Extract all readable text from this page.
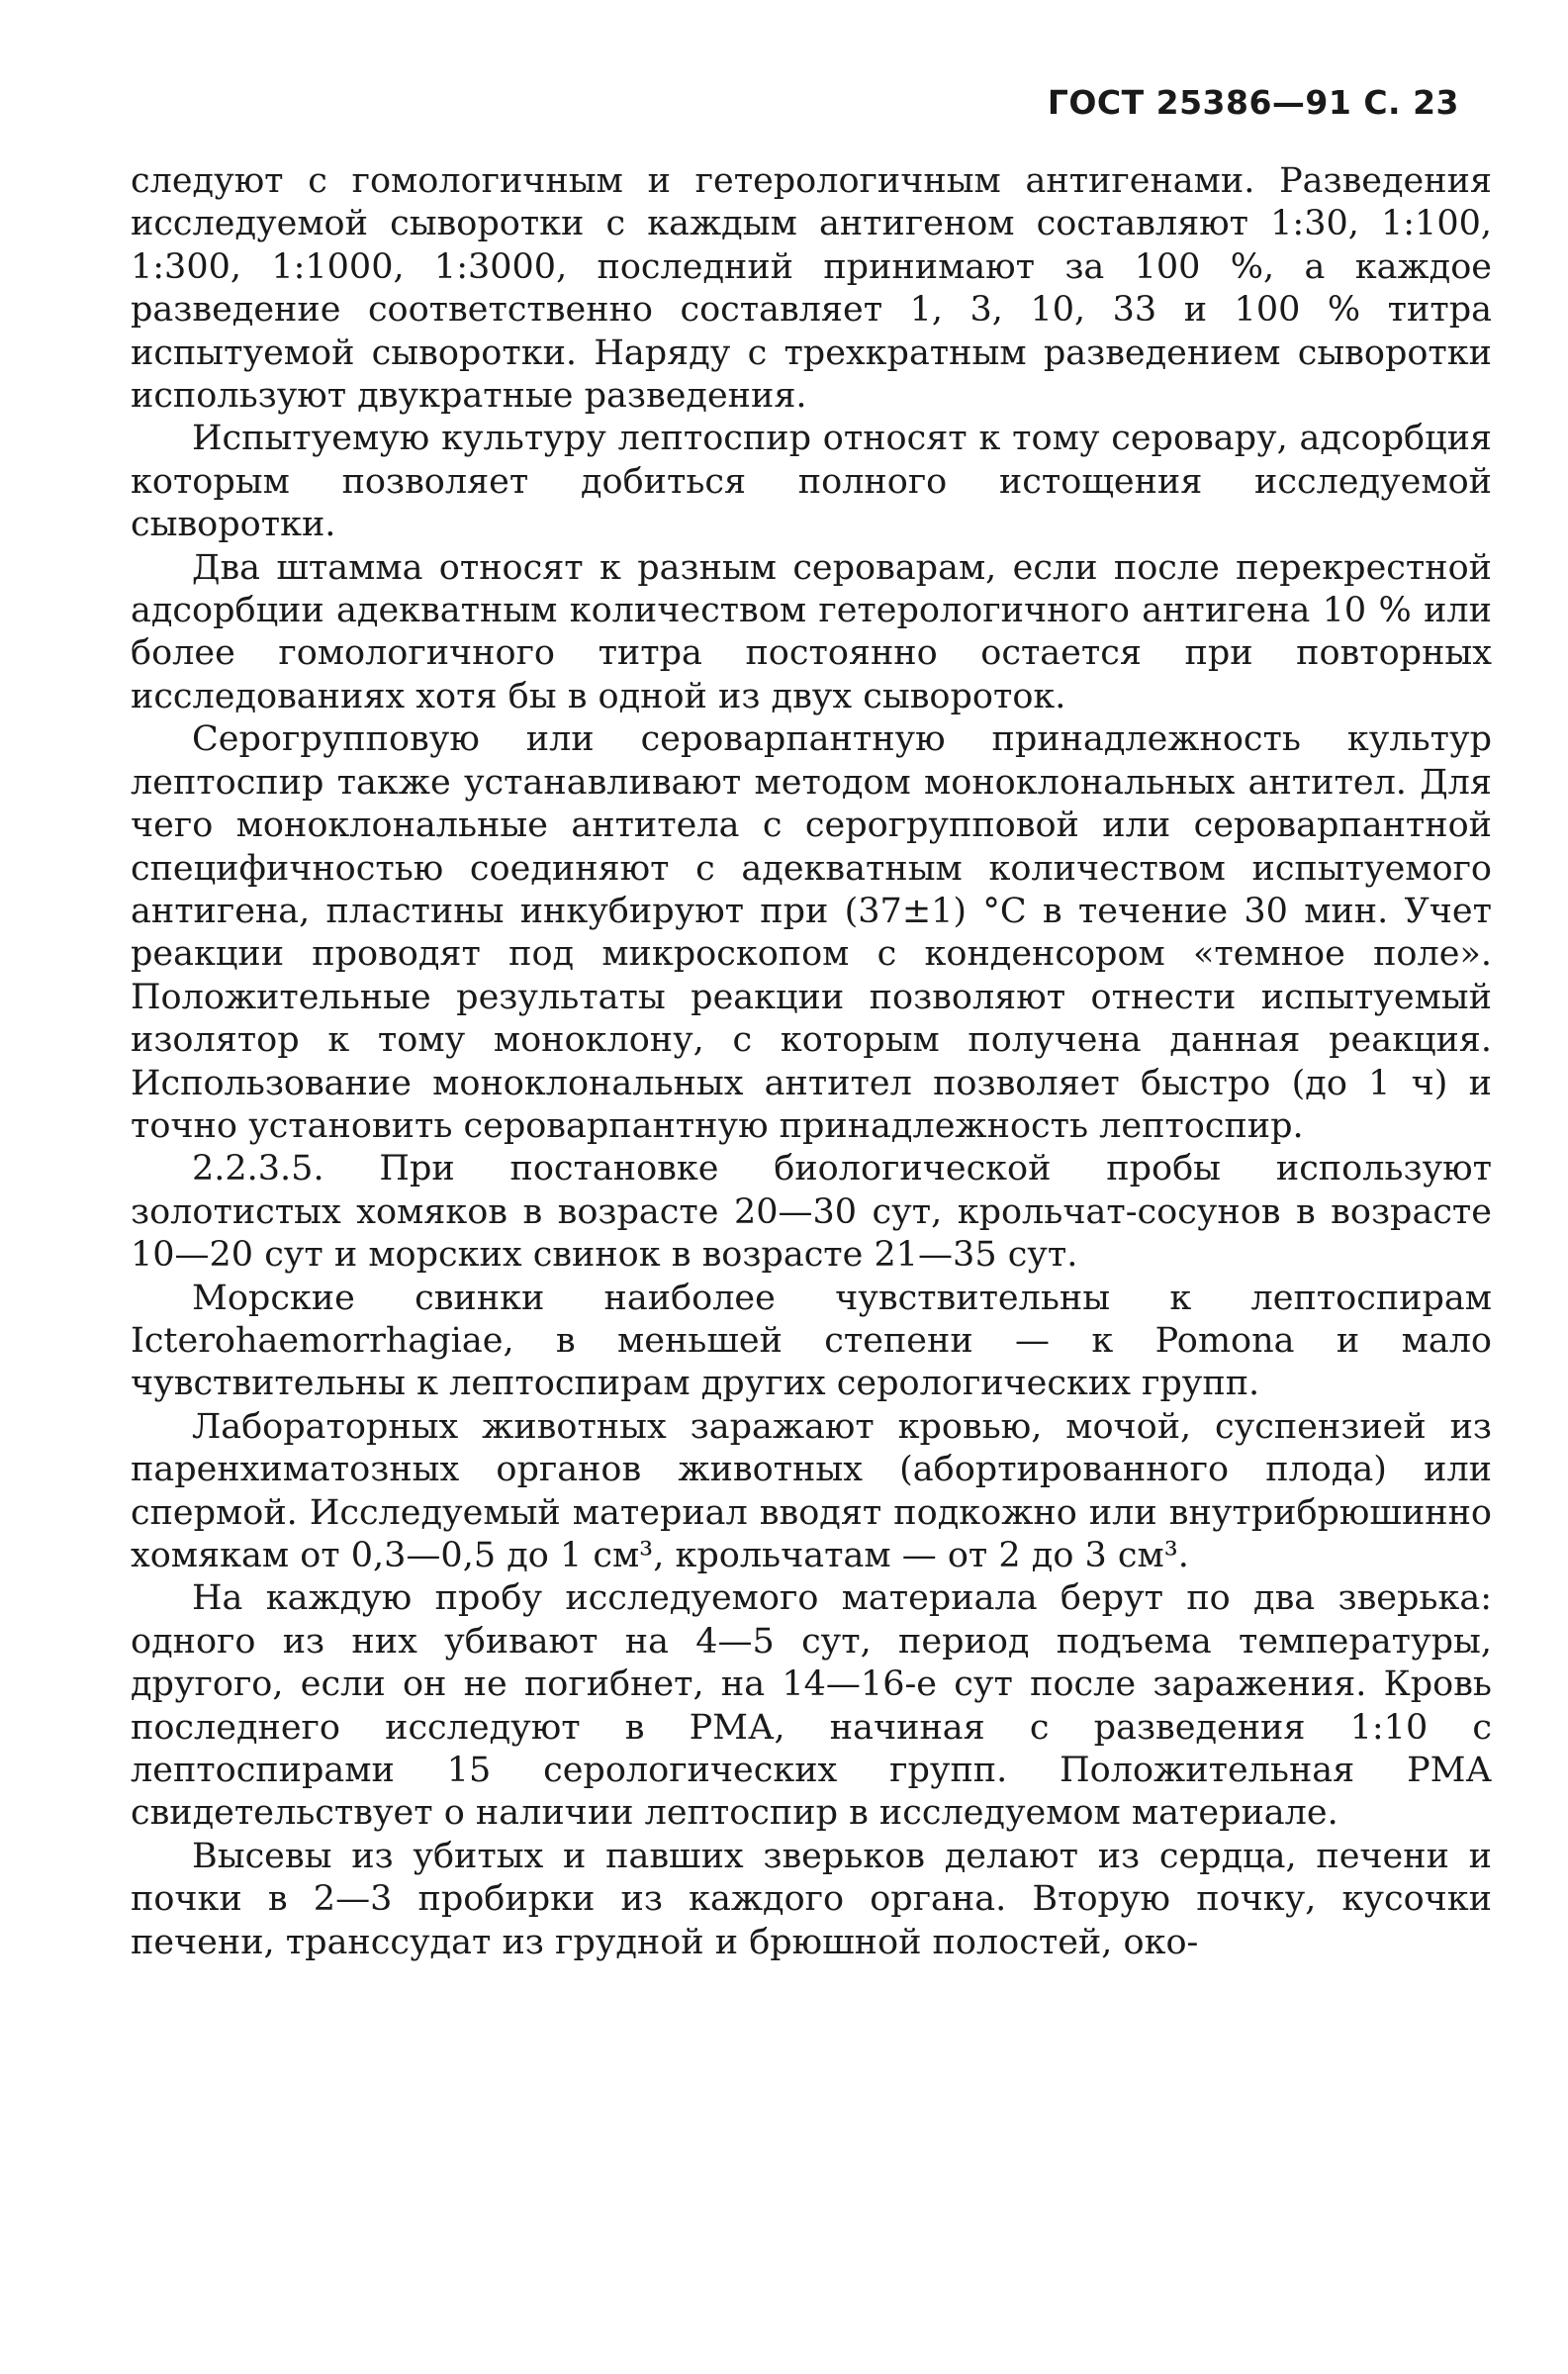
ГОСТ 25386—91 С. 23

следуют с гомологичным и гетерологичным антигенами. Разведения исследуемой сыворотки с каждым антигеном составляют 1:30, 1:100, 1:300, 1:1000, 1:3000, последний принимают за 100 %, а каждое разведение соответственно составляет 1, 3, 10, 33 и 100 % титра испытуемой сыворотки. Наряду с трехкратным разведением сыворотки используют двукратные разведения.

Испытуемую культуру лептоспир относят к тому серовару, адсорбция которым позволяет добиться полного истощения исследуемой сыворотки.

Два штамма относят к разным сероварам, если после перекрестной адсорбции адекватным количеством гетерологичного антигена 10 % или более гомологичного титра постоянно остается при повторных исследованиях хотя бы в одной из двух сывороток.

Серогрупповую или сероварпантную принадлежность культур лептоспир также устанавливают методом моноклональных антител. Для чего моноклональные антитела с серогрупповой или сероварпантной специфичностью соединяют с адекватным количеством испытуемого антигена, пластины инкубируют при (37±1) °С в течение 30 мин. Учет реакции проводят под микроскопом с конденсором «темное поле». Положительные результаты реакции позволяют отнести испытуемый изолятор к тому моноклону, с которым получена данная реакция. Использование моноклональных антител позволяет быстро (до 1 ч) и точно установить сероварпантную принадлежность лептоспир.

2.2.3.5. При постановке биологической пробы используют золотистых хомяков в возрасте 20—30 сут, крольчат-сосунов в возрасте 10—20 сут и морских свинок в возрасте 21—35 сут.

Морские свинки наиболее чувствительны к лептоспирам Icterohaemorrhagiae, в меньшей степени — к Pomona и мало чувствительны к лептоспирам других серологических групп.

Лабораторных животных заражают кровью, мочой, суспензией из паренхиматозных органов животных (абортированного плода) или спермой. Исследуемый материал вводят подкожно или внутрибрюшинно хомякам от 0,3—0,5 до 1 см³, крольчатам — от 2 до 3 см³.

На каждую пробу исследуемого материала берут по два зверька: одного из них убивают на 4—5 сут, период подъема температуры, другого, если он не погибнет, на 14—16-е сут после заражения. Кровь последнего исследуют в РМА, начиная с разведения 1:10 с лептоспирами 15 серологических групп. Положительная РМА свидетельствует о наличии лептоспир в исследуемом материале.

Высевы из убитых и павших зверьков делают из сердца, печени и почки в 2—3 пробирки из каждого органа. Вторую почку, кусочки печени, транссудат из грудной и брюшной полостей, око-
